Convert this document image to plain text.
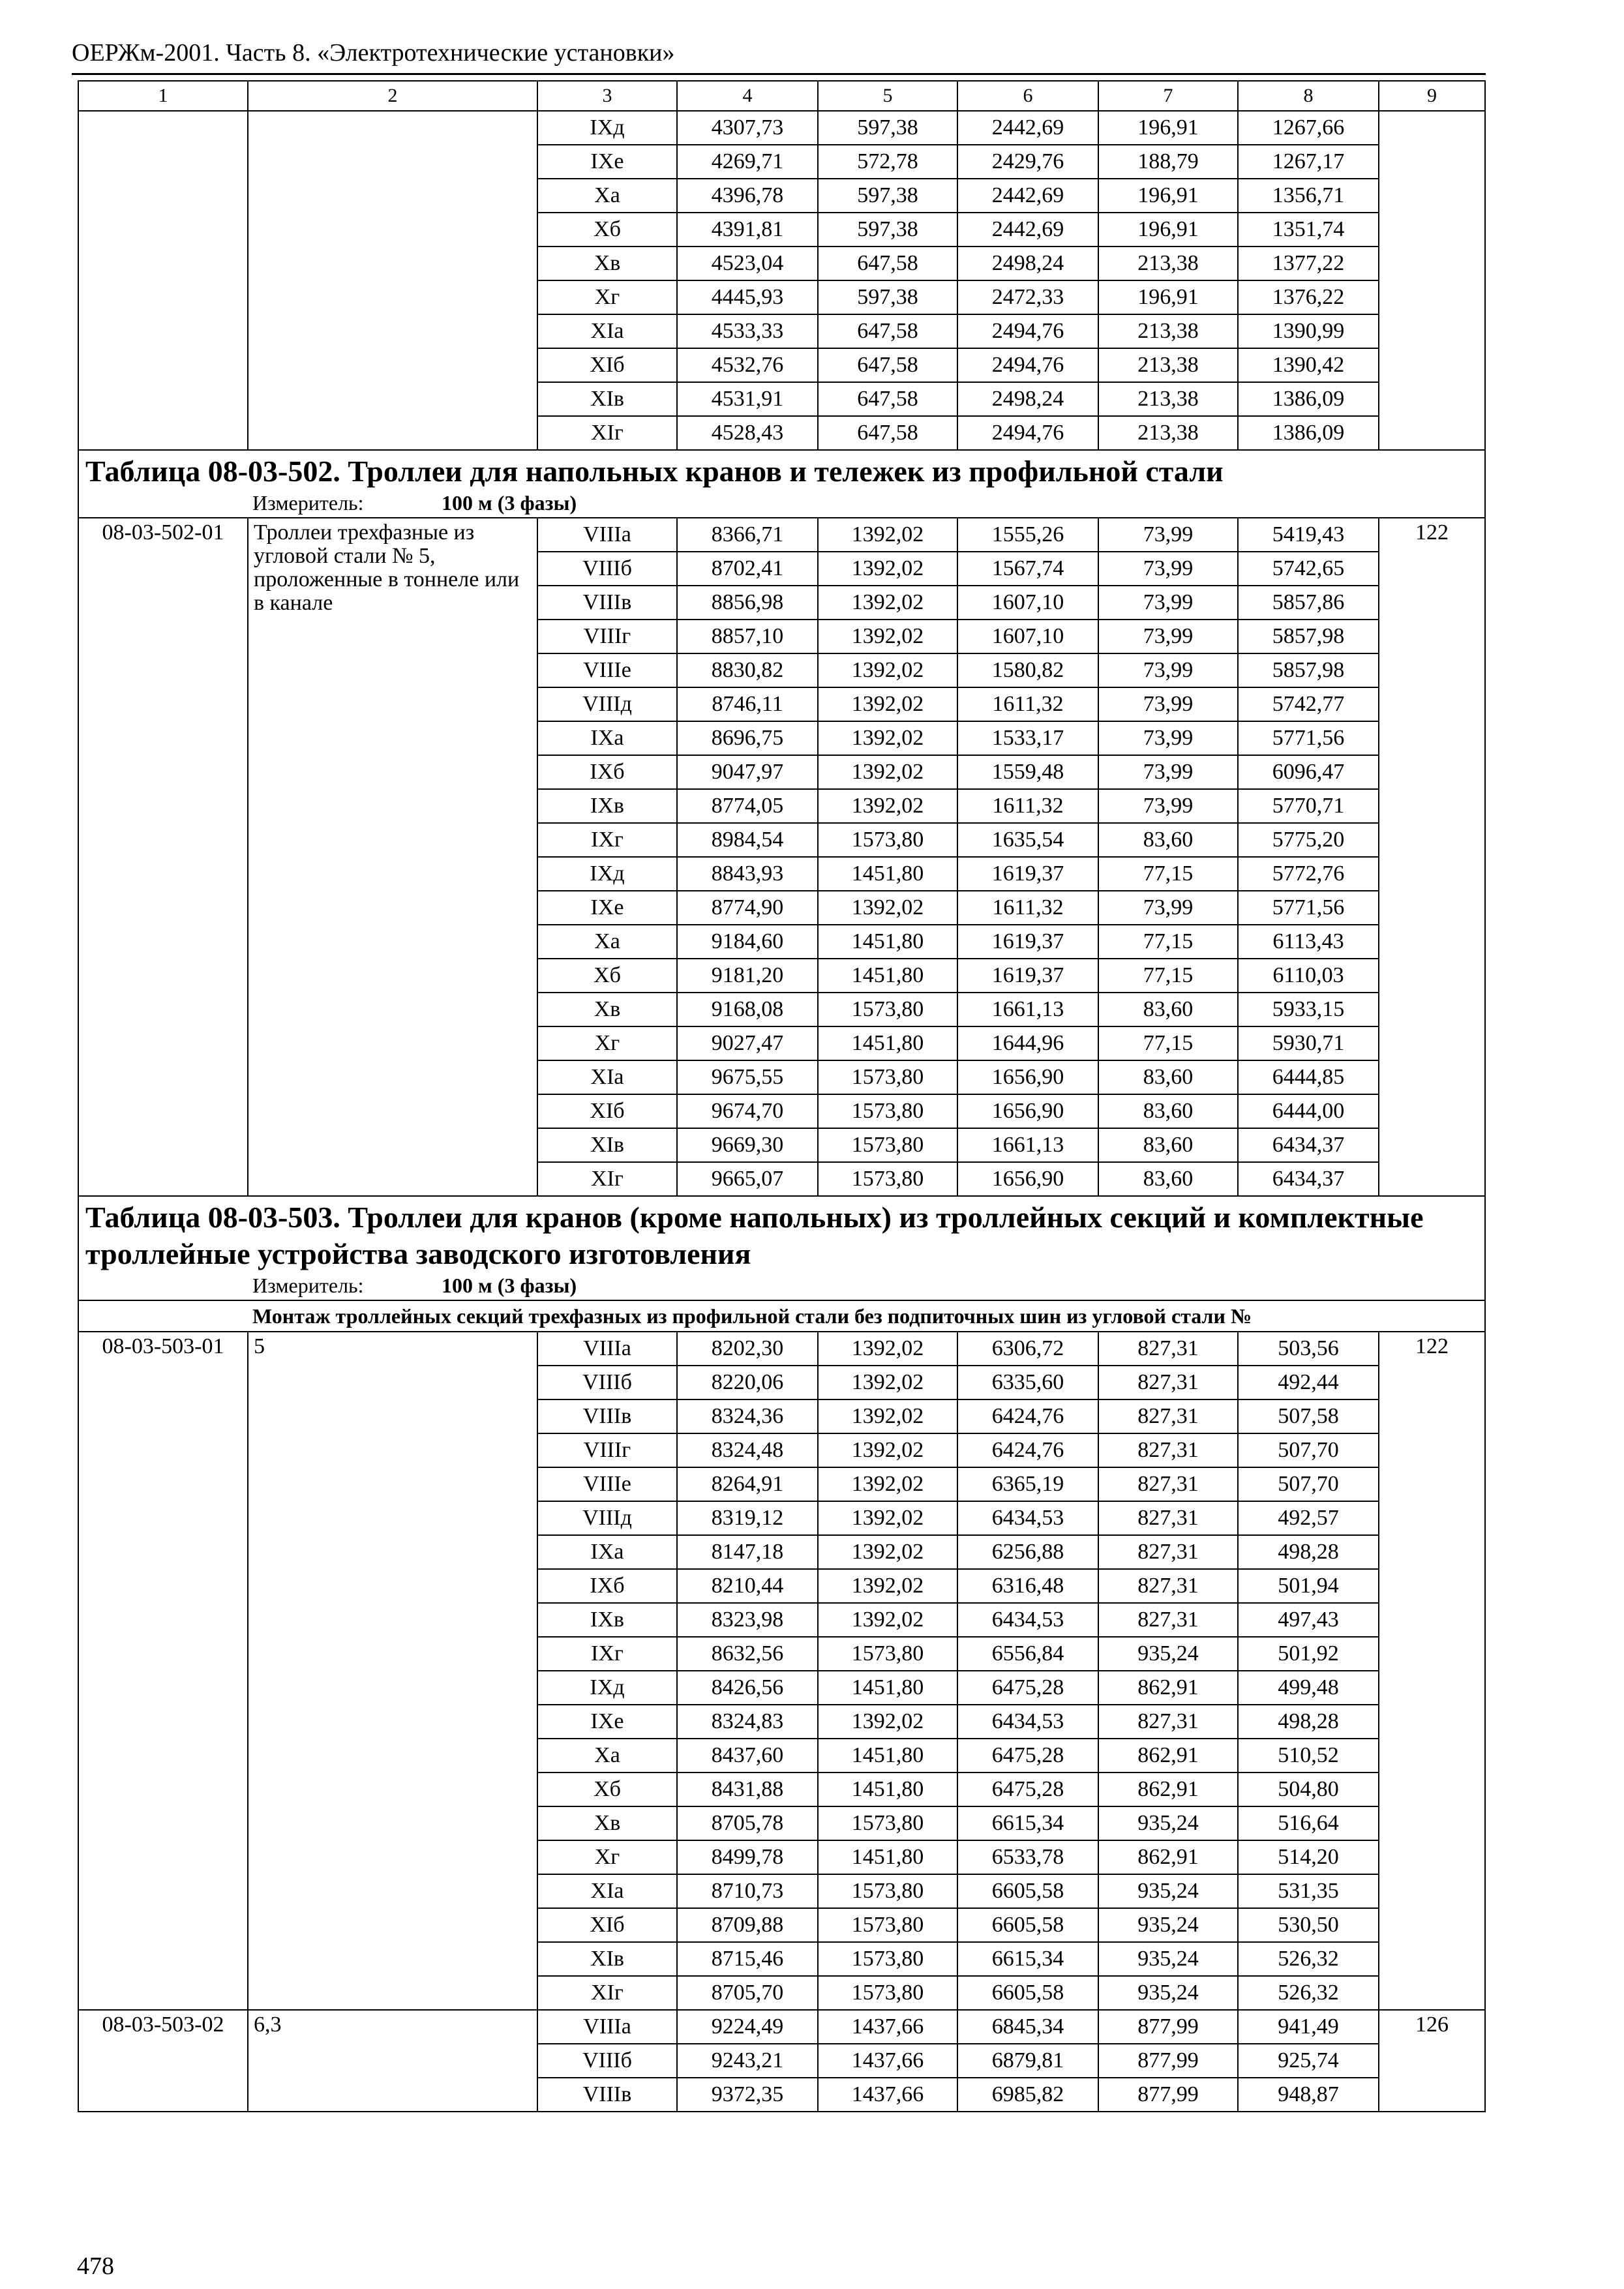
ОЕРЖм-2001. Часть 8. «Электротехнические установки»
1	2	3	4	5	6	7	8	9
		IXд	4307,73	597,38	2442,69	196,91	1267,66	
		IXе	4269,71	572,78	2429,76	188,79	1267,17	
		Xа	4396,78	597,38	2442,69	196,91	1356,71	
		Xб	4391,81	597,38	2442,69	196,91	1351,74	
		Xв	4523,04	647,58	2498,24	213,38	1377,22	
		Xг	4445,93	597,38	2472,33	196,91	1376,22	
		XIа	4533,33	647,58	2494,76	213,38	1390,99	
		XIб	4532,76	647,58	2494,76	213,38	1390,42	
		XIв	4531,91	647,58	2498,24	213,38	1386,09	
		XIг	4528,43	647,58	2494,76	213,38	1386,09	

Таблица 08-03-502. Троллеи для напольных кранов и тележек из профильной стали
Измеритель: 100 м (3 фазы)								

08-03-502-01	Троллеи трехфазные из угловой стали № 5, проложенные в тоннеле или в канале	VIIIа	8366,71	1392,02	1555,26	73,99	5419,43	122
		VIIIб	8702,41	1392,02	1567,74	73,99	5742,65	
		VIIIв	8856,98	1392,02	1607,10	73,99	5857,86	
		VIIIг	8857,10	1392,02	1607,10	73,99	5857,98	
		VIIIе	8830,82	1392,02	1580,82	73,99	5857,98	
		VIIIд	8746,11	1392,02	1611,32	73,99	5742,77	
		IXа	8696,75	1392,02	1533,17	73,99	5771,56	
		IXб	9047,97	1392,02	1559,48	73,99	6096,47	
		IXв	8774,05	1392,02	1611,32	73,99	5770,71	
		IXг	8984,54	1573,80	1635,54	83,60	5775,20	
		IXд	8843,93	1451,80	1619,37	77,15	5772,76	
		IXе	8774,90	1392,02	1611,32	73,99	5771,56	
		Xа	9184,60	1451,80	1619,37	77,15	6113,43	
		Xб	9181,20	1451,80	1619,37	77,15	6110,03	
		Xв	9168,08	1573,80	1661,13	83,60	5933,15	
		Xг	9027,47	1451,80	1644,96	77,15	5930,71	
		XIа	9675,55	1573,80	1656,90	83,60	6444,85	
		XIб	9674,70	1573,80	1656,90	83,60	6444,00	
		XIв	9669,30	1573,80	1661,13	83,60	6434,37	
		XIг	9665,07	1573,80	1656,90	83,60	6434,37	

Таблица 08-03-503. Троллеи для кранов (кроме напольных) из троллейных секций и комплектные троллейные устройства заводского изготовления
Измеритель: 100 м (3 фазы)								

Монтаж троллейных секций трехфазных из профильной стали без подпиточных шин из угловой стали №								
08-03-503-01	5	VIIIа	8202,30	1392,02	6306,72	827,31	503,56	122
		VIIIб	8220,06	1392,02	6335,60	827,31	492,44	
		VIIIв	8324,36	1392,02	6424,76	827,31	507,58	
		VIIIг	8324,48	1392,02	6424,76	827,31	507,70	
		VIIIе	8264,91	1392,02	6365,19	827,31	507,70	
		VIIIд	8319,12	1392,02	6434,53	827,31	492,57	
		IXа	8147,18	1392,02	6256,88	827,31	498,28	
		IXб	8210,44	1392,02	6316,48	827,31	501,94	
		IXв	8323,98	1392,02	6434,53	827,31	497,43	
		IXг	8632,56	1573,80	6556,84	935,24	501,92	
		IXд	8426,56	1451,80	6475,28	862,91	499,48	
		IXе	8324,83	1392,02	6434,53	827,31	498,28	
		Xа	8437,60	1451,80	6475,28	862,91	510,52	
		Xб	8431,88	1451,80	6475,28	862,91	504,80	
		Xв	8705,78	1573,80	6615,34	935,24	516,64	
		Xг	8499,78	1451,80	6533,78	862,91	514,20	
		XIа	8710,73	1573,80	6605,58	935,24	531,35	
		XIб	8709,88	1573,80	6605,58	935,24	530,50	
		XIв	8715,46	1573,80	6615,34	935,24	526,32	
		XIг	8705,70	1573,80	6605,58	935,24	526,32	
08-03-503-02	6,3	VIIIа	9224,49	1437,66	6845,34	877,99	941,49	126
		VIIIб	9243,21	1437,66	6879,81	877,99	925,74	
		VIIIв	9372,35	1437,66	6985,82	877,99	948,87	
478
